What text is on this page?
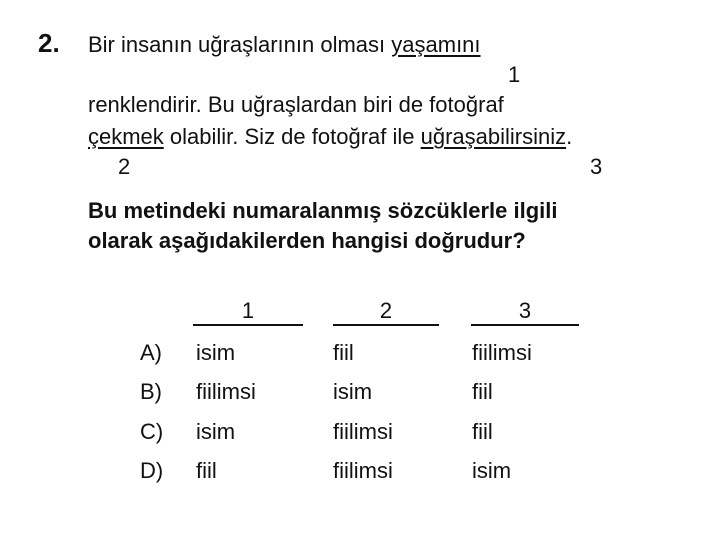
2. Bir insanın uğraşlarının olması yaşamını
1
renklendirir. Bu uğraşlardan biri de fotoğraf
çekmek olabilir. Siz de fotoğraf ile uğraşabilirsiniz.
2	3
Bu metindeki numaralanmış sözcüklerle ilgili
olarak aşağıdakilerden hangisi doğrudur?
1	2	3
A) isim	fiil	fiilimsi
B) fiilimsi	isim	fiil
C) isim	fiilimsi	fiil
D) fiil	fiilimsi	isim
